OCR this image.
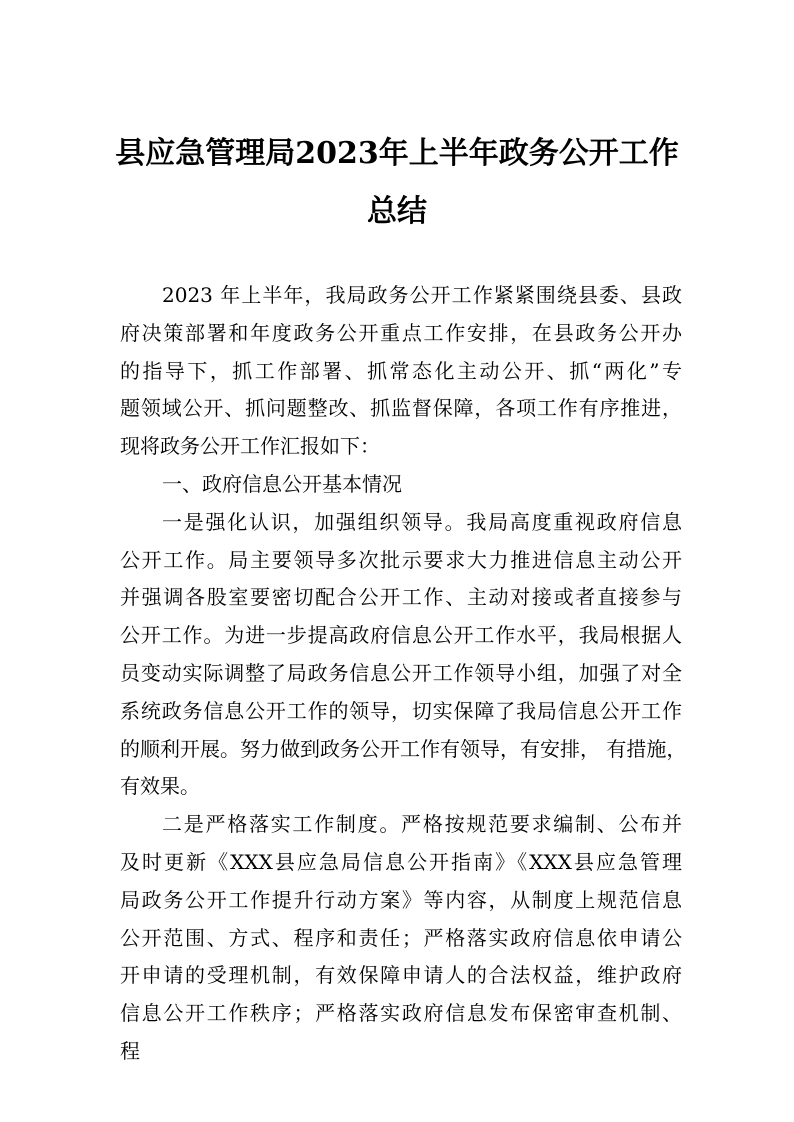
县应急管理局2023年上半年政务公开工作
总结
2023 年上半年，我局政务公开工作紧紧围绕县委、县政
府决策部署和年度政务公开重点工作安排，在县政务公开办
的指导下，抓工作部署、抓常态化主动公开、抓“两化”专
题领域公开、抓问题整改、抓监督保障，各项工作有序推进，
现将政务公开工作汇报如下：
一、政府信息公开基本情况
一是强化认识，加强组织领导。我局高度重视政府信息
公开工作。局主要领导多次批示要求大力推进信息主动公开
并强调各股室要密切配合公开工作、主动对接或者直接参与
公开工作。为进一步提高政府信息公开工作水平，我局根据人
员变动实际调整了局政务信息公开工作领导小组，加强了对全
系统政务信息公开工作的领导，切实保障了我局信息公开工作
的顺利开展。努力做到政务公开工作有领导，有安排， 有措施，
有效果。
二是严格落实工作制度。严格按规范要求编制、公布并
及时更新《XXX县应急局信息公开指南》《XXX县应急管理
局政务公开工作提升行动方案》等内容，从制度上规范信息
公开范围、方式、程序和责任；严格落实政府信息依申请公
开申请的受理机制，有效保障申请人的合法权益，维护政府
信息公开工作秩序；严格落实政府信息发布保密审查机制、
程
